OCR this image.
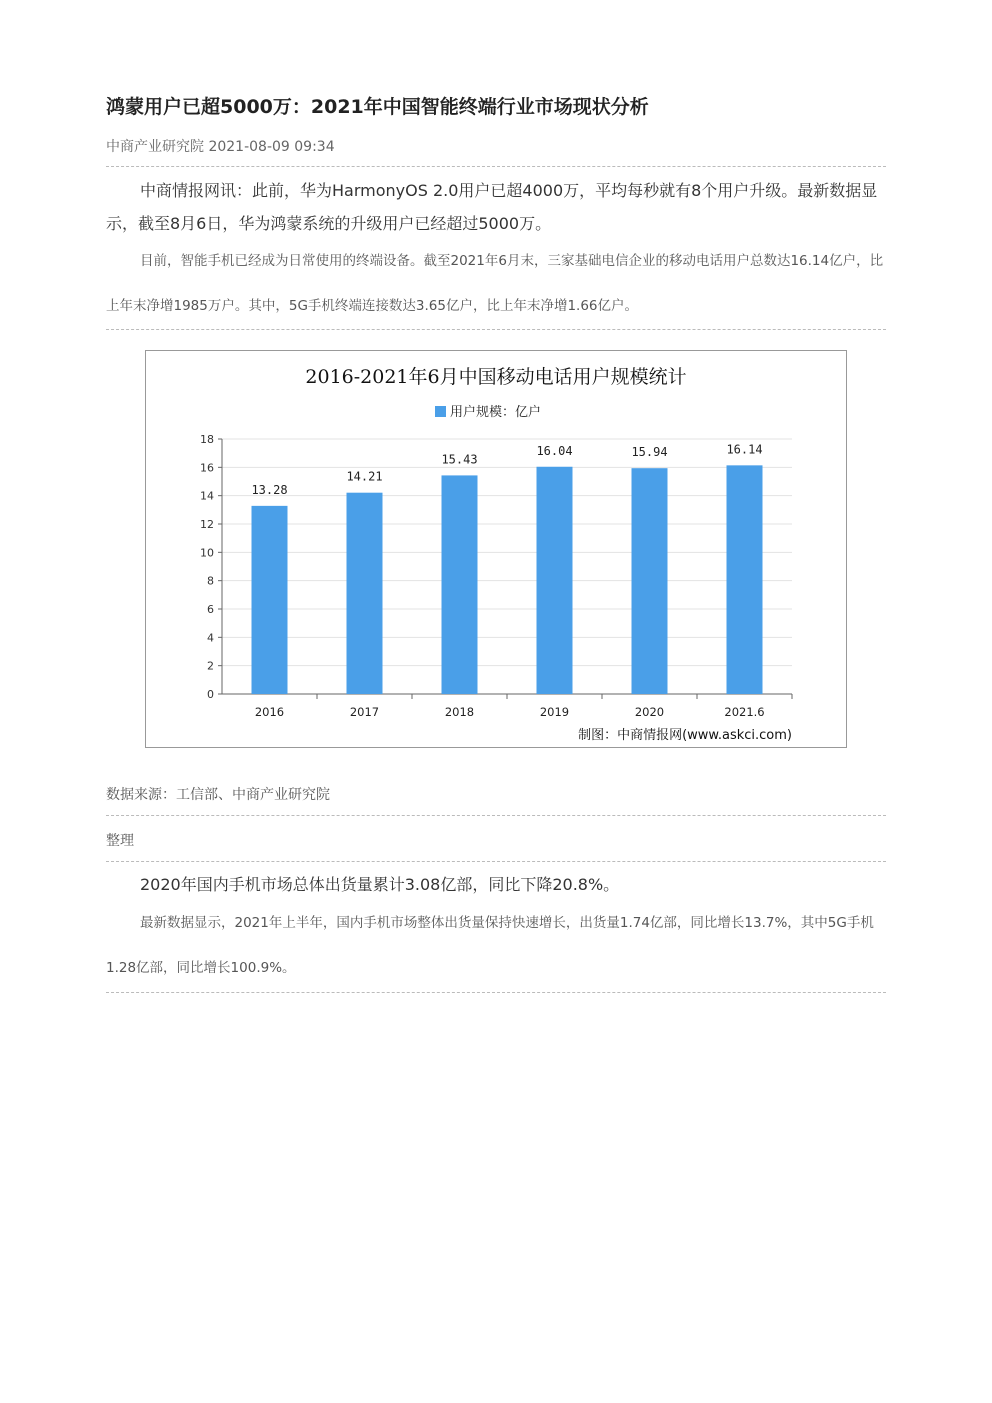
鸿蒙用户已超5000万：2021年中国智能终端行业市场现状分析
中商产业研究院 2021-08-09 09:34
中商情报网讯：此前，华为HarmonyOS 2.0用户已超4000万，平均每秒就有8个用户升级。最新数据显示，截至8月6日，华为鸿蒙系统的升级用户已经超过5000万。
目前，智能手机已经成为日常使用的终端设备。截至2021年6月末，三家基础电信企业的移动电话用户总数达16.14亿户，比上年末净增1985万户。其中，5G手机终端连接数达3.65亿户，比上年末净增1.66亿户。
数据来源：工信部、中商产业研究院
整理
2020年国内手机市场总体出货量累计3.08亿部，同比下降20.8%。
最新数据显示，2021年上半年，国内手机市场整体出货量保持快速增长，出货量1.74亿部，同比增长13.7%，其中5G手机1.28亿部，同比增长100.9%。
2016-2021年6月中国移动电话用户规模统计
用户规模：亿户
0
2
4
6
8
10
12
14
16
18
13.28
2016
14.21
2017
15.43
2018
16.04
2019
15.94
2020
16.14
2021.6
制图：中商情报网(www.askci.com)
